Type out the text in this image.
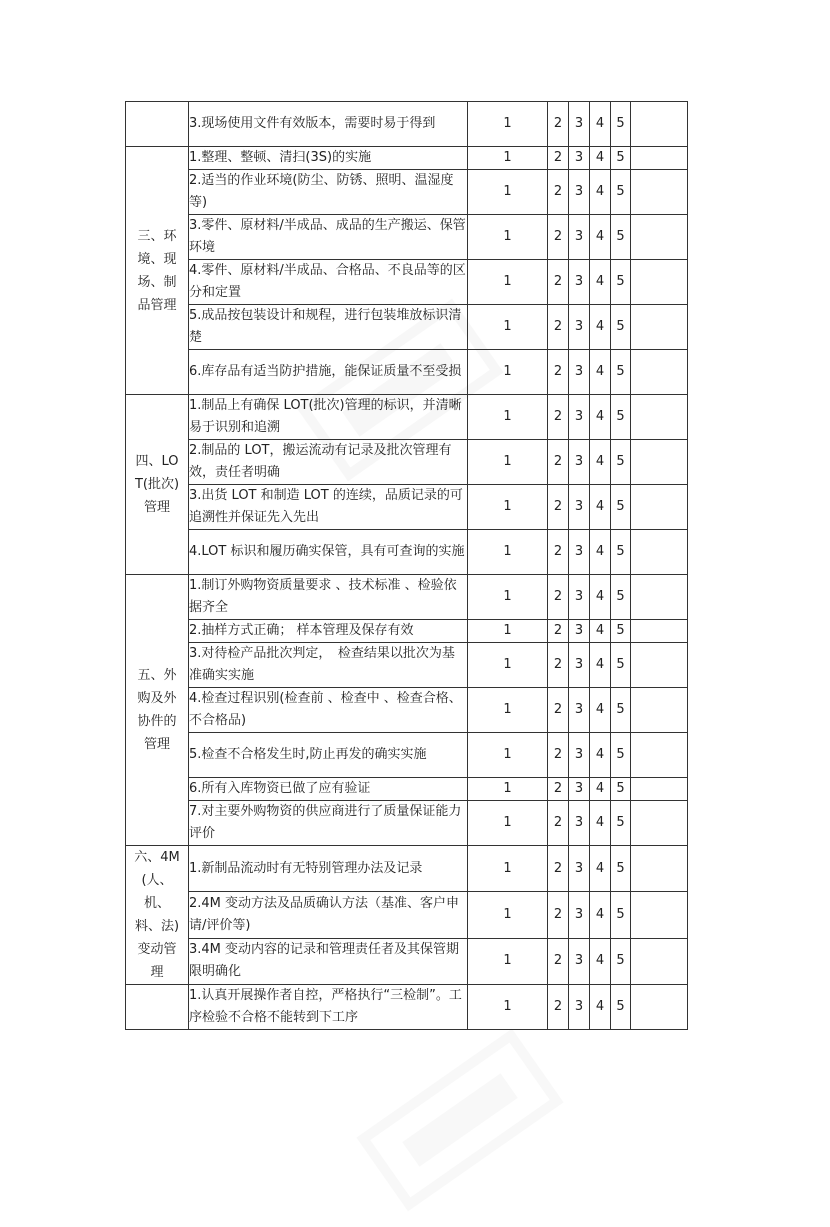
	3.现场使用文件有效版本，需要时易于得到	1	2	3	4	5	

三、环境、现场、制品管理	1.整理、整顿、清扫(3S)的实施	1	2	3	4	5	
	2.适当的作业环境(防尘、防锈、照明、温湿度等)	1	2	3	4	5	
	3.零件、原材料/半成品、成品的生产搬运、保管环境	1	2	3	4	5	
	4.零件、原材料/半成品、合格品、不良品等的区分和定置	1	2	3	4	5	
	5.成品按包装设计和规程，进行包装堆放标识清楚	1	2	3	4	5	
	6.库存品有适当防护措施，能保证质量不至受损	1	2	3	4	5	

四、LOT(批次)管理	1.制品上有确保 LOT(批次)管理的标识，并清晰易于识别和追溯	1	2	3	4	5	
	2.制品的 LOT，搬运流动有记录及批次管理有效，责任者明确	1	2	3	4	5	
	3.出货 LOT 和制造 LOT 的连续，品质记录的可追溯性并保证先入先出	1	2	3	4	5	
	4.LOT 标识和履历确实保管，具有可查询的实施	1	2	3	4	5	

五、外购及外协件的管理	1.制订外购物资质量要求 、技术标准 、检验依据齐全	1	2	3	4	5	
	2.抽样方式正确； 样本管理及保存有效	1	2	3	4	5	
	3.对待检产品批次判定，　检查结果以批次为基准确实实施	1	2	3	4	5	
	4.检查过程识别(检查前 、检查中 、检查合格、不合格品)	1	2	3	4	5	
	5.检查不合格发生时,防止再发的确实实施	1	2	3	4	5	
	6.所有入库物资已做了应有验证	1	2	3	4	5	
	7.对主要外购物资的供应商进行了质量保证能力评价	1	2	3	4	5	

六、4M(人、机、料、法)变动管理	1.新制品流动时有无特别管理办法及记录	1	2	3	4	5	
	2.4M 变动方法及品质确认方法（基准、客户申请/评价等)	1	2	3	4	5	
	3.4M 变动内容的记录和管理责任者及其保管期限明确化	1	2	3	4	5	

	1.认真开展操作者自控，严格执行“三检制”。工序检验不合格不能转到下工序	1	2	3	4	5	
